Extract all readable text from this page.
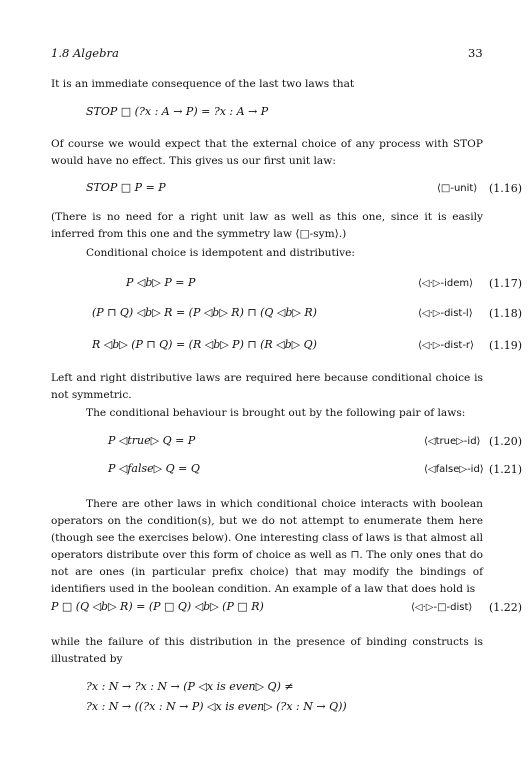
1.8 Algebra	33
It is an immediate consequence of the last two laws that
STOP □ (?x : A → P) = ?x : A → P
Of course we would expect that the external choice of any process with STOP would have no effect. This gives us our first unit law:
STOP □ P = P	⟨□-unit⟩ (1.16)
(There is no need for a right unit law as well as this one, since it is easily inferred from this one and the symmetry law ⟨□-sym⟩.)
Conditional choice is idempotent and distributive:
P ◁b▷ P = P	⟨◁·▷-idem⟩ (1.17)
(P ⊓ Q) ◁b▷ R = (P ◁b▷ R) ⊓ (Q ◁b▷ R)	⟨◁·▷-dist-l⟩ (1.18)
R ◁b▷ (P ⊓ Q) = (R ◁b▷ P) ⊓ (R ◁b▷ Q)	⟨◁·▷-dist-r⟩ (1.19)
Left and right distributive laws are required here because conditional choice is not symmetric.
The conditional behaviour is brought out by the following pair of laws:
P ◁true▷ Q = P	⟨◁true▷-id⟩ (1.20)
P ◁false▷ Q = Q	⟨◁false▷-id⟩ (1.21)
There are other laws in which conditional choice interacts with boolean operators on the condition(s), but we do not attempt to enumerate them here (though see the exercises below). One interesting class of laws is that almost all operators distribute over this form of choice as well as ⊓. The only ones that do not are ones (in particular prefix choice) that may modify the bindings of identifiers used in the boolean condition. An example of a law that does hold is
P □ (Q ◁b▷ R) = (P □ Q) ◁b▷ (P □ R)	⟨◁·▷-□-dist⟩ (1.22)
while the failure of this distribution in the presence of binding constructs is illustrated by
?x : N → ?x : N → (P ◁x is even▷ Q) ≠
?x : N → ((?x : N → P) ◁x is even▷ (?x : N → Q))
